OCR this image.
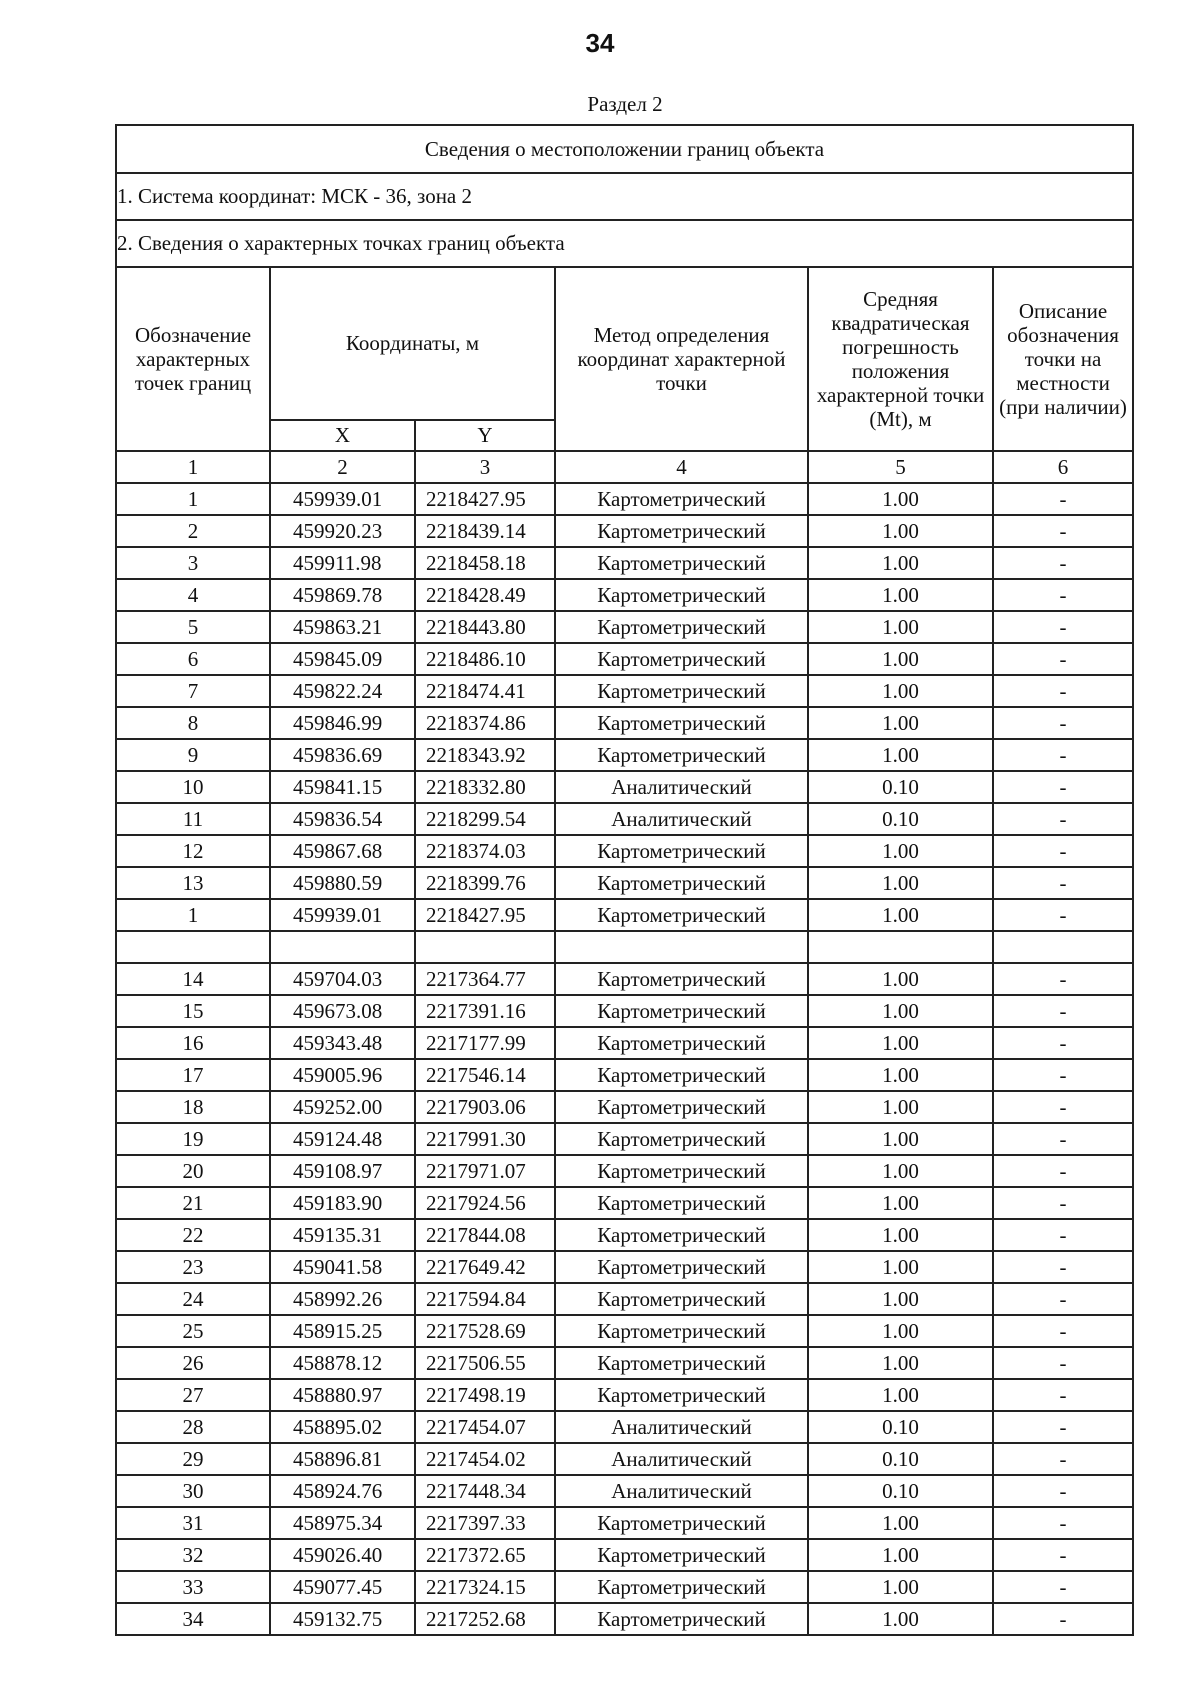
34
Раздел 2
Сведения о местоположении границ объекта					
1. Система координат: МСК - 36, зона 2					
2. Сведения о характерных точках границ объекта					
Обозначение характерных точек границ	Координаты, м		Метод определения координат характерной точки	Средняя квадратическая погрешность положения характерной точки (Mt), м	Описание обозначения точки на местности (при наличии)
	X	Y			
1	2	3	4	5	6
1	459939.01	2218427.95	Картометрический	1.00	-
2	459920.23	2218439.14	Картометрический	1.00	-
3	459911.98	2218458.18	Картометрический	1.00	-
4	459869.78	2218428.49	Картометрический	1.00	-
5	459863.21	2218443.80	Картометрический	1.00	-
6	459845.09	2218486.10	Картометрический	1.00	-
7	459822.24	2218474.41	Картометрический	1.00	-
8	459846.99	2218374.86	Картометрический	1.00	-
9	459836.69	2218343.92	Картометрический	1.00	-
10	459841.15	2218332.80	Аналитический	0.10	-
11	459836.54	2218299.54	Аналитический	0.10	-
12	459867.68	2218374.03	Картометрический	1.00	-
13	459880.59	2218399.76	Картометрический	1.00	-
1	459939.01	2218427.95	Картометрический	1.00	-

14	459704.03	2217364.77	Картометрический	1.00	-
15	459673.08	2217391.16	Картометрический	1.00	-
16	459343.48	2217177.99	Картометрический	1.00	-
17	459005.96	2217546.14	Картометрический	1.00	-
18	459252.00	2217903.06	Картометрический	1.00	-
19	459124.48	2217991.30	Картометрический	1.00	-
20	459108.97	2217971.07	Картометрический	1.00	-
21	459183.90	2217924.56	Картометрический	1.00	-
22	459135.31	2217844.08	Картометрический	1.00	-
23	459041.58	2217649.42	Картометрический	1.00	-
24	458992.26	2217594.84	Картометрический	1.00	-
25	458915.25	2217528.69	Картометрический	1.00	-
26	458878.12	2217506.55	Картометрический	1.00	-
27	458880.97	2217498.19	Картометрический	1.00	-
28	458895.02	2217454.07	Аналитический	0.10	-
29	458896.81	2217454.02	Аналитический	0.10	-
30	458924.76	2217448.34	Аналитический	0.10	-
31	458975.34	2217397.33	Картометрический	1.00	-
32	459026.40	2217372.65	Картометрический	1.00	-
33	459077.45	2217324.15	Картометрический	1.00	-
34	459132.75	2217252.68	Картометрический	1.00	-
